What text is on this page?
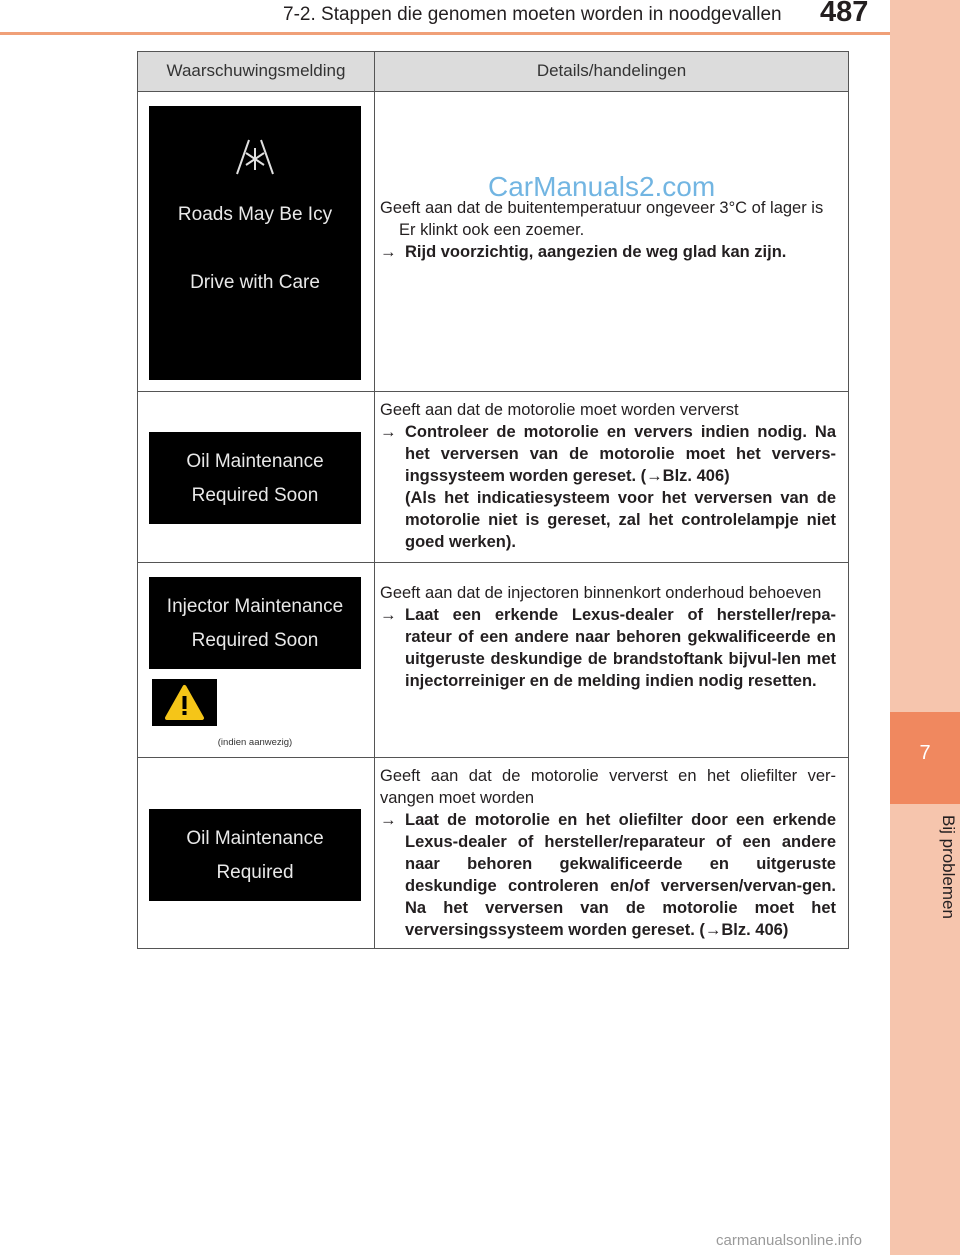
7
Bij problemen
7-2. Stappen die genomen moeten worden in noodgevallen 487
Waarschuwingsmelding	Details/handelingen
Roads May Be Icy
Drive with Care
Oil Maintenance
Required Soon
Injector Maintenance
Required Soon
(indien aanwezig)
Oil Maintenance
Required

Geeft aan dat de buitentemperatuur ongeveer 3°C of lager is

Er klinkt ook een zoemer.

→ Rijd voorzichtig, aangezien de weg glad kan zijn.

Geeft aan dat de motorolie moet worden ververst

→ Controleer de motorolie en ververs indien nodig. Na het verversen van de motorolie moet het ververs-ingssysteem worden gereset. (→Blz. 406)

(Als het indicatiesysteem voor het verversen van de motorolie niet is gereset, zal het controlelampje niet goed werken).

Geeft aan dat de injectoren binnenkort onderhoud behoeven

→ Laat een erkende Lexus-dealer of hersteller/repa-rateur of een andere naar behoren gekwalificeerde en uitgeruste deskundige de brandstoftank bijvul-len met injectorreiniger en de melding indien nodig resetten.

Geeft aan dat de motorolie ververst en het oliefilter ver-vangen moet worden

→ Laat de motorolie en het oliefilter door een erkende Lexus-dealer of hersteller/reparateur of een andere naar behoren gekwalificeerde en uitgeruste deskundige controleren en/of verversen/vervan-gen. Na het verversen van de motorolie moet het verversingssysteem worden gereset. (→Blz. 406)

CarManuals2.com
carmanualsonline.info
